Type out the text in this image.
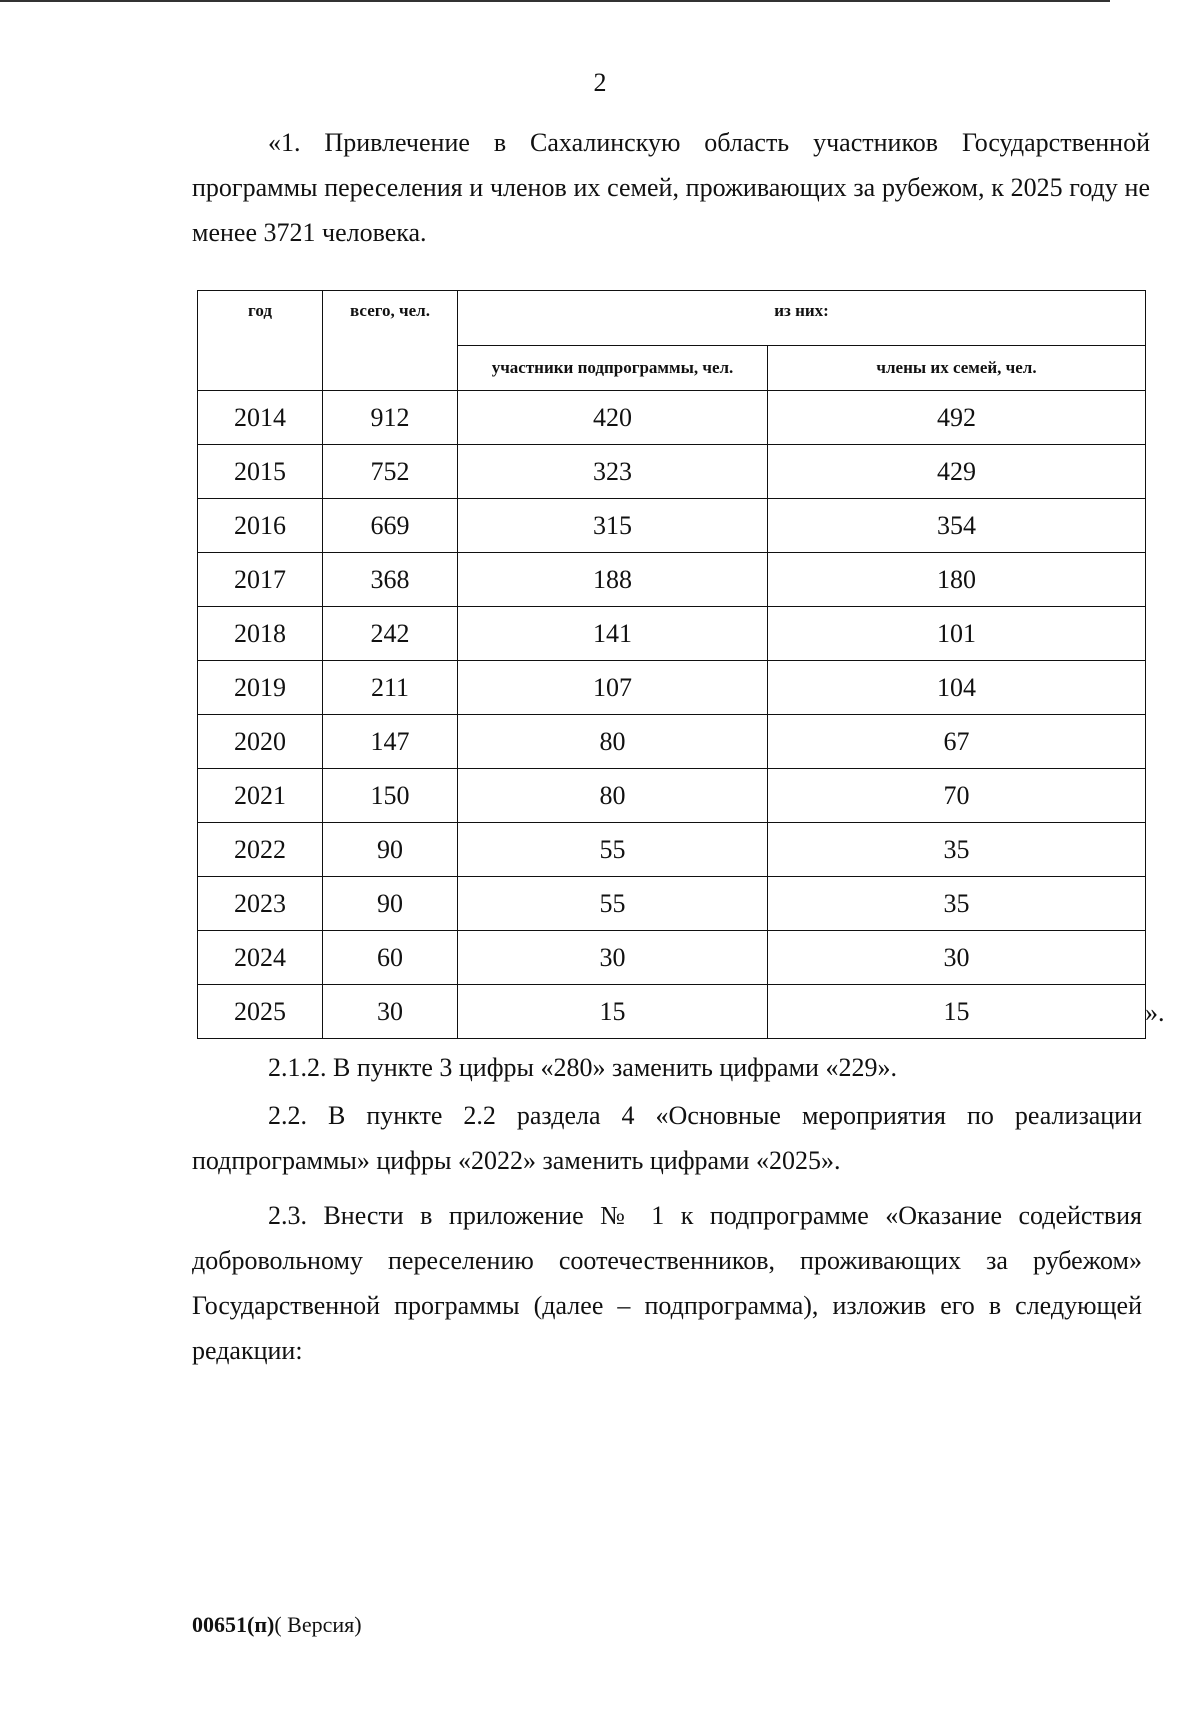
2
«1. Привлечение в Сахалинскую область участников Государственной программы переселения и членов их семей, проживающих за рубежом, к 2025 году не менее 3721 человека.
год	всего, чел.	из них:	
		участники подпрограммы, чел.	члены их семей, чел.
2014	912	420	492
2015	752	323	429
2016	669	315	354
2017	368	188	180
2018	242	141	101
2019	211	107	104
2020	147	80	67
2021	150	80	70
2022	90	55	35
2023	90	55	35
2024	60	30	30
2025	30	15	15	».
2.1.2. В пункте 3 цифры «280» заменить цифрами «229».
2.2. В пункте 2.2 раздела 4 «Основные мероприятия по реализации подпрограммы» цифры «2022» заменить цифрами «2025».
2.3. Внести в приложение № 1 к подпрограмме «Оказание содействия добровольному переселению соотечественников, проживающих за рубежом» Государственной программы (далее – подпрограмма), изложив его в следующей редакции:
00651(п)( Версия)
